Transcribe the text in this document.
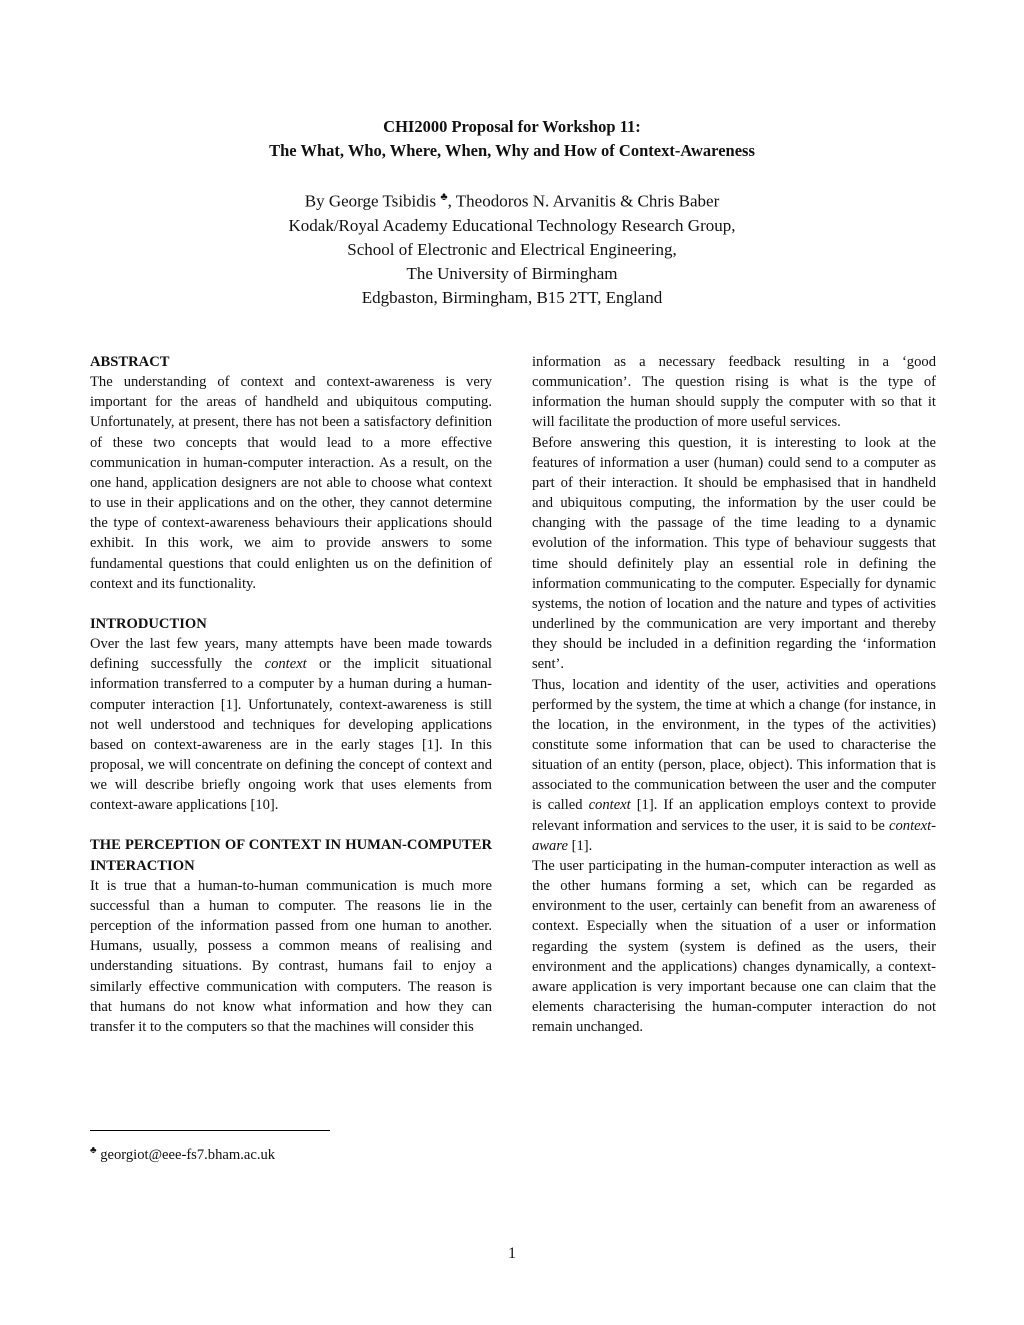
CHI2000 Proposal for Workshop 11:
The What, Who, Where, When, Why and How of Context-Awareness
By George Tsibidis ♣, Theodoros N. Arvanitis & Chris Baber
Kodak/Royal Academy Educational Technology Research Group,
School of Electronic and Electrical Engineering,
The University of Birmingham
Edgbaston, Birmingham, B15 2TT, England

ABSTRACT

The understanding of context and context-awareness is very important for the areas of handheld and ubiquitous computing. Unfortunately, at present, there has not been a satisfactory definition of these two concepts that would lead to a more effective communication in human-computer interaction. As a result, on the one hand, application designers are not able to choose what context to use in their applications and on the other, they cannot determine the type of context-awareness behaviours their applications should exhibit. In this work, we aim to provide answers to some fundamental questions that could enlighten us on the definition of context and its functionality.

INTRODUCTION

Over the last few years, many attempts have been made towards defining successfully the context or the implicit situational information transferred to a computer by a human during a human-computer interaction [1]. Unfortunately, context-awareness is still not well understood and techniques for developing applications based on context-awareness are in the early stages [1]. In this proposal, we will concentrate on defining the concept of context and we will describe briefly ongoing work that uses elements from context-aware applications [10].

THE PERCEPTION OF CONTEXT IN HUMAN-COMPUTER INTERACTION

It is true that a human-to-human communication is much more successful than a human to computer. The reasons lie in the perception of the information passed from one human to another. Humans, usually, possess a common means of realising and understanding situations. By contrast, humans fail to enjoy a similarly effective communication with computers. The reason is that humans do not know what information and how they can transfer it to the computers so that the machines will consider this

information as a necessary feedback resulting in a ‘good communication’. The question rising is what is the type of information the human should supply the computer with so that it will facilitate the production of more useful services.

Before answering this question, it is interesting to look at the features of information a user (human) could send to a computer as part of their interaction. It should be emphasised that in handheld and ubiquitous computing, the information by the user could be changing with the passage of the time leading to a dynamic evolution of the information. This type of behaviour suggests that time should definitely play an essential role in defining the information communicating to the computer. Especially for dynamic systems, the notion of location and the nature and types of activities underlined by the communication are very important and thereby they should be included in a definition regarding the ‘information sent’.

Thus, location and identity of the user, activities and operations performed by the system, the time at which a change (for instance, in the location, in the environment, in the types of the activities) constitute some information that can be used to characterise the situation of an entity (person, place, object). This information that is associated to the communication between the user and the computer is called context [1]. If an application employs context to provide relevant information and services to the user, it is said to be context-aware [1].

The user participating in the human-computer interaction as well as the other humans forming a set, which can be regarded as environment to the user, certainly can benefit from an awareness of context. Especially when the situation of a user or information regarding the system (system is defined as the users, their environment and the applications) changes dynamically, a context-aware application is very important because one can claim that the elements characterising the human-computer interaction do not remain unchanged.

♣ georgiot@eee-fs7.bham.ac.uk
1
